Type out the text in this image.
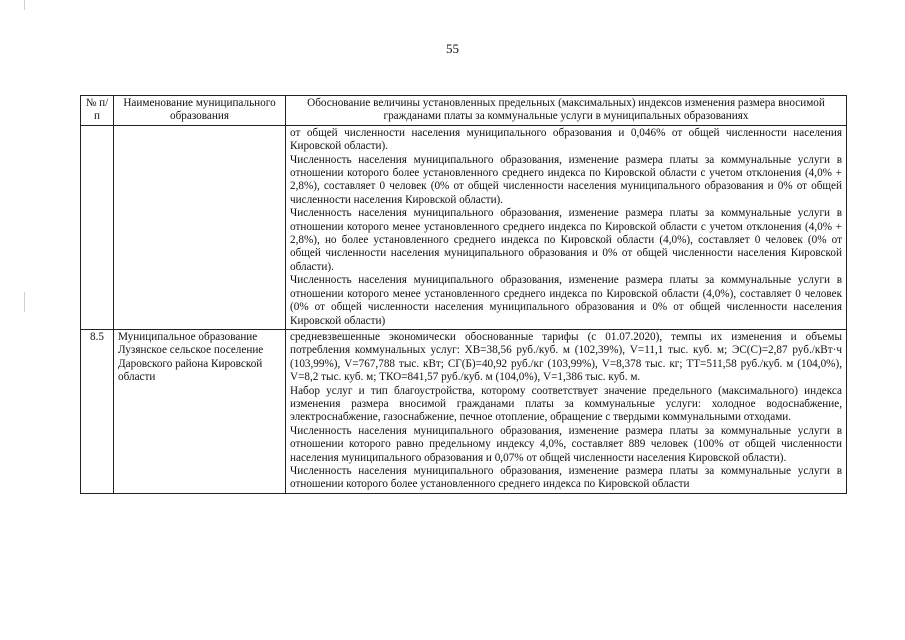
55
№ п/п	Наименование муниципального образования	Обоснование величины установленных предельных (максимальных) индексов изменения размера вносимой гражданами платы за коммунальные услуги в муниципальных образованиях

		от общей численности населения муниципального образования и 0,046% от общей численности населения Кировской области).

Численность населения муниципального образования, изменение размера платы за коммунальные услуги в отношении которого более установленного среднего индекса по Кировской области с учетом отклонения (4,0% + 2,8%), составляет 0 человек (0% от общей численности населения муниципального образования и 0% от общей численности населения Кировской области).

Численность населения муниципального образования, изменение размера платы за коммунальные услуги в отношении которого менее установленного среднего индекса по Кировской области с учетом отклонения (4,0% + 2,8%), но более установленного среднего индекса по Кировской области (4,0%), составляет 0 человек (0% от общей численности населения муниципального образования и 0% от общей численности населения Кировской области).

Численность населения муниципального образования, изменение размера платы за коммунальные услуги в отношении которого менее установленного среднего индекса по Кировской области (4,0%), составляет 0 человек (0% от общей численности населения муниципального образования и 0% от общей численности населения Кировской области)

8.5	Муниципальное образование Лузянское сельское поселение Даровского района Кировской области	средневзвешенные экономически обоснованные тарифы (с 01.07.2020), темпы их изменения и объемы потребления коммунальных услуг: ХВ=38,56 руб./куб. м (102,39%), V=11,1 тыс. куб. м; ЭС(С)=2,87 руб./кВт·ч (103,99%), V=767,788 тыс. кВт; СГ(Б)=40,92 руб./кг (103,99%), V=8,378 тыс. кг; ТТ=511,58 руб./куб. м (104,0%), V=8,2 тыс. куб. м; ТКО=841,57 руб./куб. м (104,0%), V=1,386 тыс. куб. м.

Набор услуг и тип благоустройства, которому соответствует значение предельного (максимального) индекса изменения размера вносимой гражданами платы за коммунальные услуги: холодное водоснабжение, электроснабжение, газоснабжение, печное отопление, обращение с твердыми коммунальными отходами.

Численность населения муниципального образования, изменение размера платы за коммунальные услуги в отношении которого равно предельному индексу 4,0%, составляет 889 человек (100% от общей численности населения муниципального образования и 0,07% от общей численности населения Кировской области).

Численность населения муниципального образования, изменение размера платы за коммунальные услуги в отношении которого более установленного среднего индекса по Кировской области
